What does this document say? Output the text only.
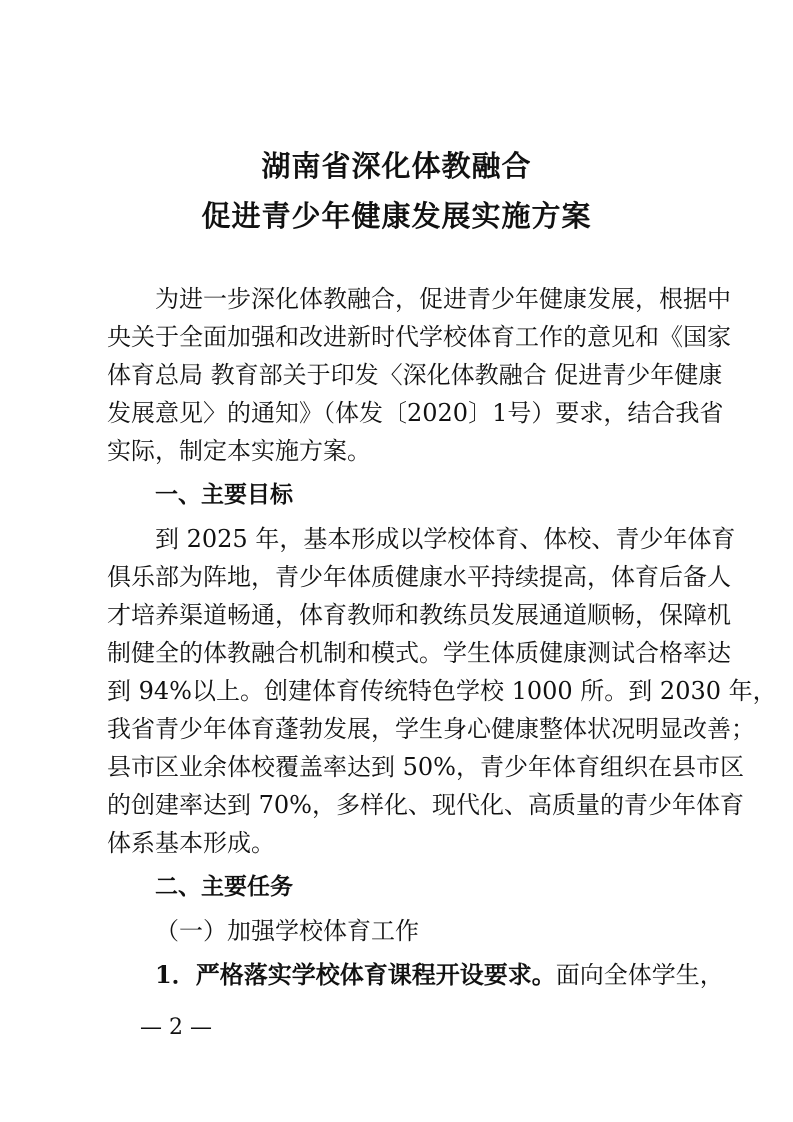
湖南省深化体教融合
促进青少年健康发展实施方案
为进一步深化体教融合，促进青少年健康发展，根据中
央关于全面加强和改进新时代学校体育工作的意见和《国家
体育总局 教育部关于印发〈深化体教融合 促进青少年健康
发展意见〉的通知》（体发〔2020〕1号）要求，结合我省
实际，制定本实施方案。
一、主要目标
到 2025 年，基本形成以学校体育、体校、青少年体育
俱乐部为阵地，青少年体质健康水平持续提高，体育后备人
才培养渠道畅通，体育教师和教练员发展通道顺畅，保障机
制健全的体教融合机制和模式。学生体质健康测试合格率达
到 94%以上。创建体育传统特色学校 1000 所。到 2030 年，
我省青少年体育蓬勃发展，学生身心健康整体状况明显改善；
县市区业余体校覆盖率达到 50%，青少年体育组织在县市区
的创建率达到 70%，多样化、现代化、高质量的青少年体育
体系基本形成。
二、主要任务
（一）加强学校体育工作
1．严格落实学校体育课程开设要求。面向全体学生，
— 2 —
